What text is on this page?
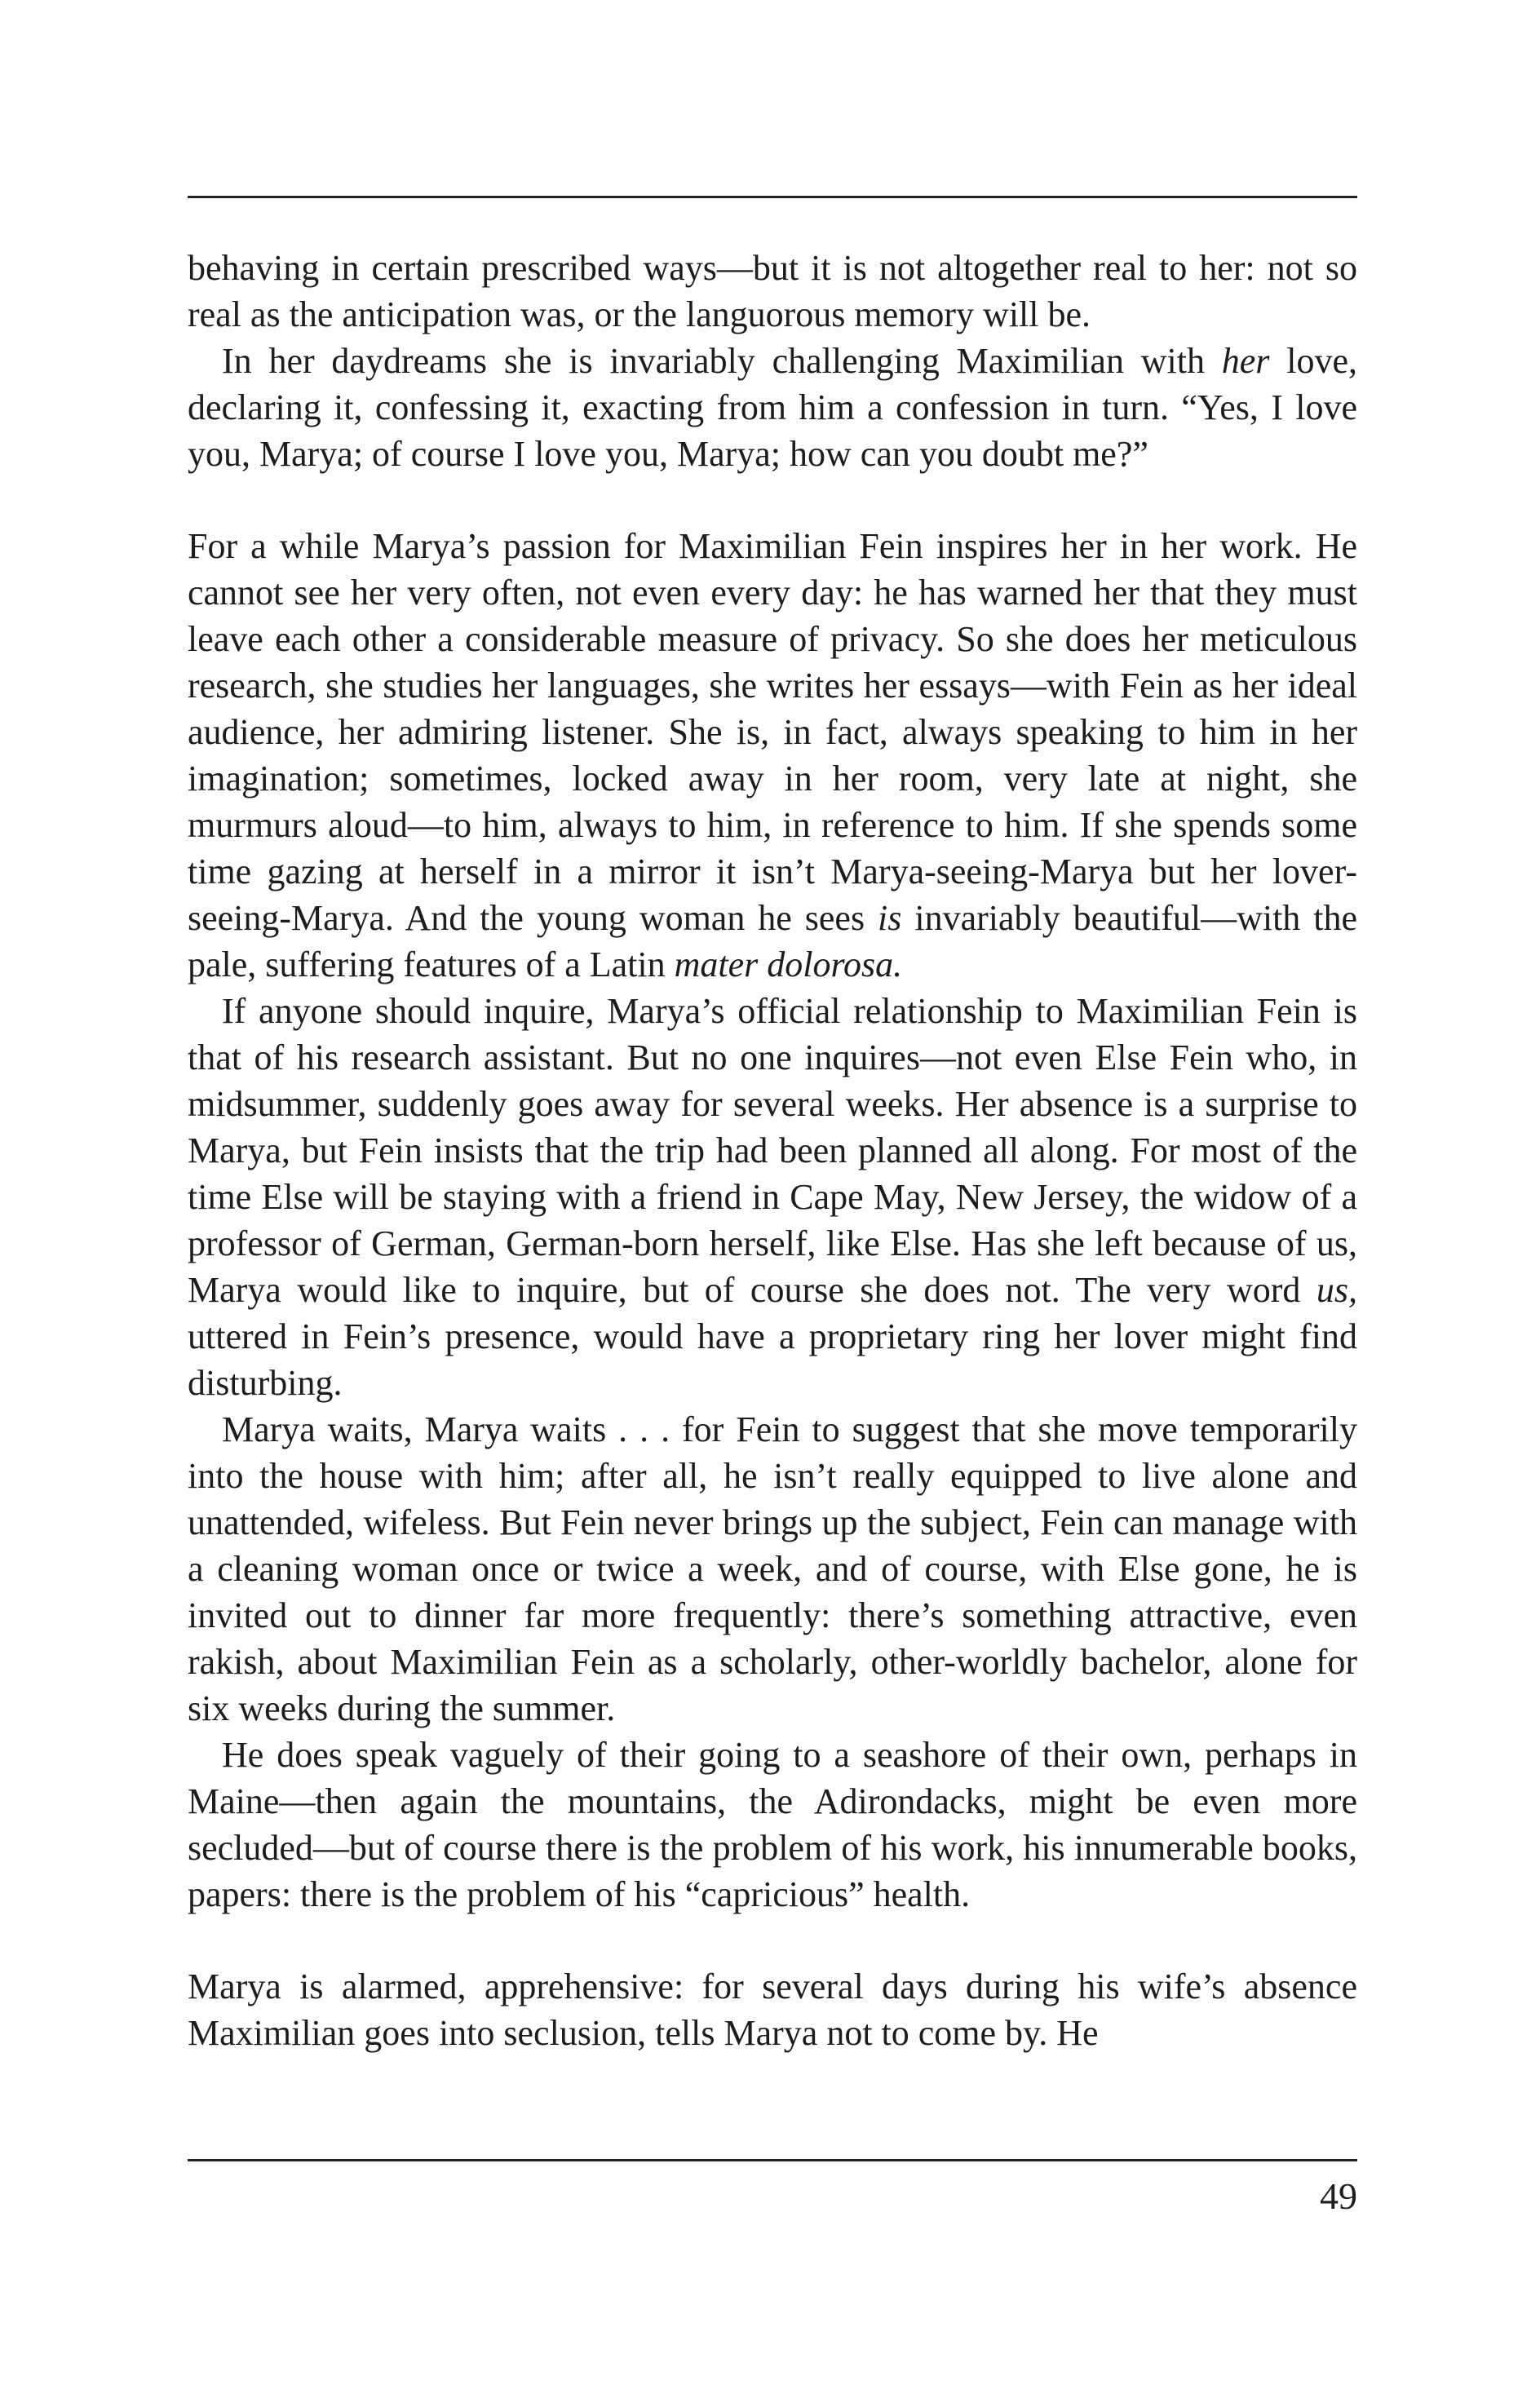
behaving in certain prescribed ways—but it is not altogether real to her: not so real as the anticipation was, or the languorous memory will be.

In her daydreams she is invariably challenging Maximilian with her love, declaring it, confessing it, exacting from him a confession in turn. “Yes, I love you, Marya; of course I love you, Marya; how can you doubt me?”

For a while Marya’s passion for Maximilian Fein inspires her in her work. He cannot see her very often, not even every day: he has warned her that they must leave each other a considerable measure of privacy. So she does her meticulous research, she studies her languages, she writes her essays—with Fein as her ideal audience, her admiring listener. She is, in fact, always speaking to him in her imagination; sometimes, locked away in her room, very late at night, she murmurs aloud—to him, always to him, in reference to him. If she spends some time gazing at herself in a mirror it isn’t Marya-seeing-Marya but her lover-seeing-Marya. And the young woman he sees is invariably beautiful—with the pale, suffering features of a Latin mater dolorosa.

If anyone should inquire, Marya’s official relationship to Maximilian Fein is that of his research assistant. But no one inquires—not even Else Fein who, in midsummer, suddenly goes away for several weeks. Her absence is a surprise to Marya, but Fein insists that the trip had been planned all along. For most of the time Else will be staying with a friend in Cape May, New Jersey, the widow of a professor of German, German-born herself, like Else. Has she left because of us, Marya would like to inquire, but of course she does not. The very word us, uttered in Fein’s presence, would have a proprietary ring her lover might find disturbing.

Marya waits, Marya waits . . . for Fein to suggest that she move temporarily into the house with him; after all, he isn’t really equipped to live alone and unattended, wifeless. But Fein never brings up the subject, Fein can manage with a cleaning woman once or twice a week, and of course, with Else gone, he is invited out to dinner far more frequently: there’s something attractive, even rakish, about Maximilian Fein as a scholarly, other-worldly bachelor, alone for six weeks during the summer.

He does speak vaguely of their going to a seashore of their own, perhaps in Maine—then again the mountains, the Adirondacks, might be even more secluded—but of course there is the problem of his work, his innumerable books, papers: there is the problem of his “capricious” health.

Marya is alarmed, apprehensive: for several days during his wife’s absence Maximilian goes into seclusion, tells Marya not to come by. He

49
